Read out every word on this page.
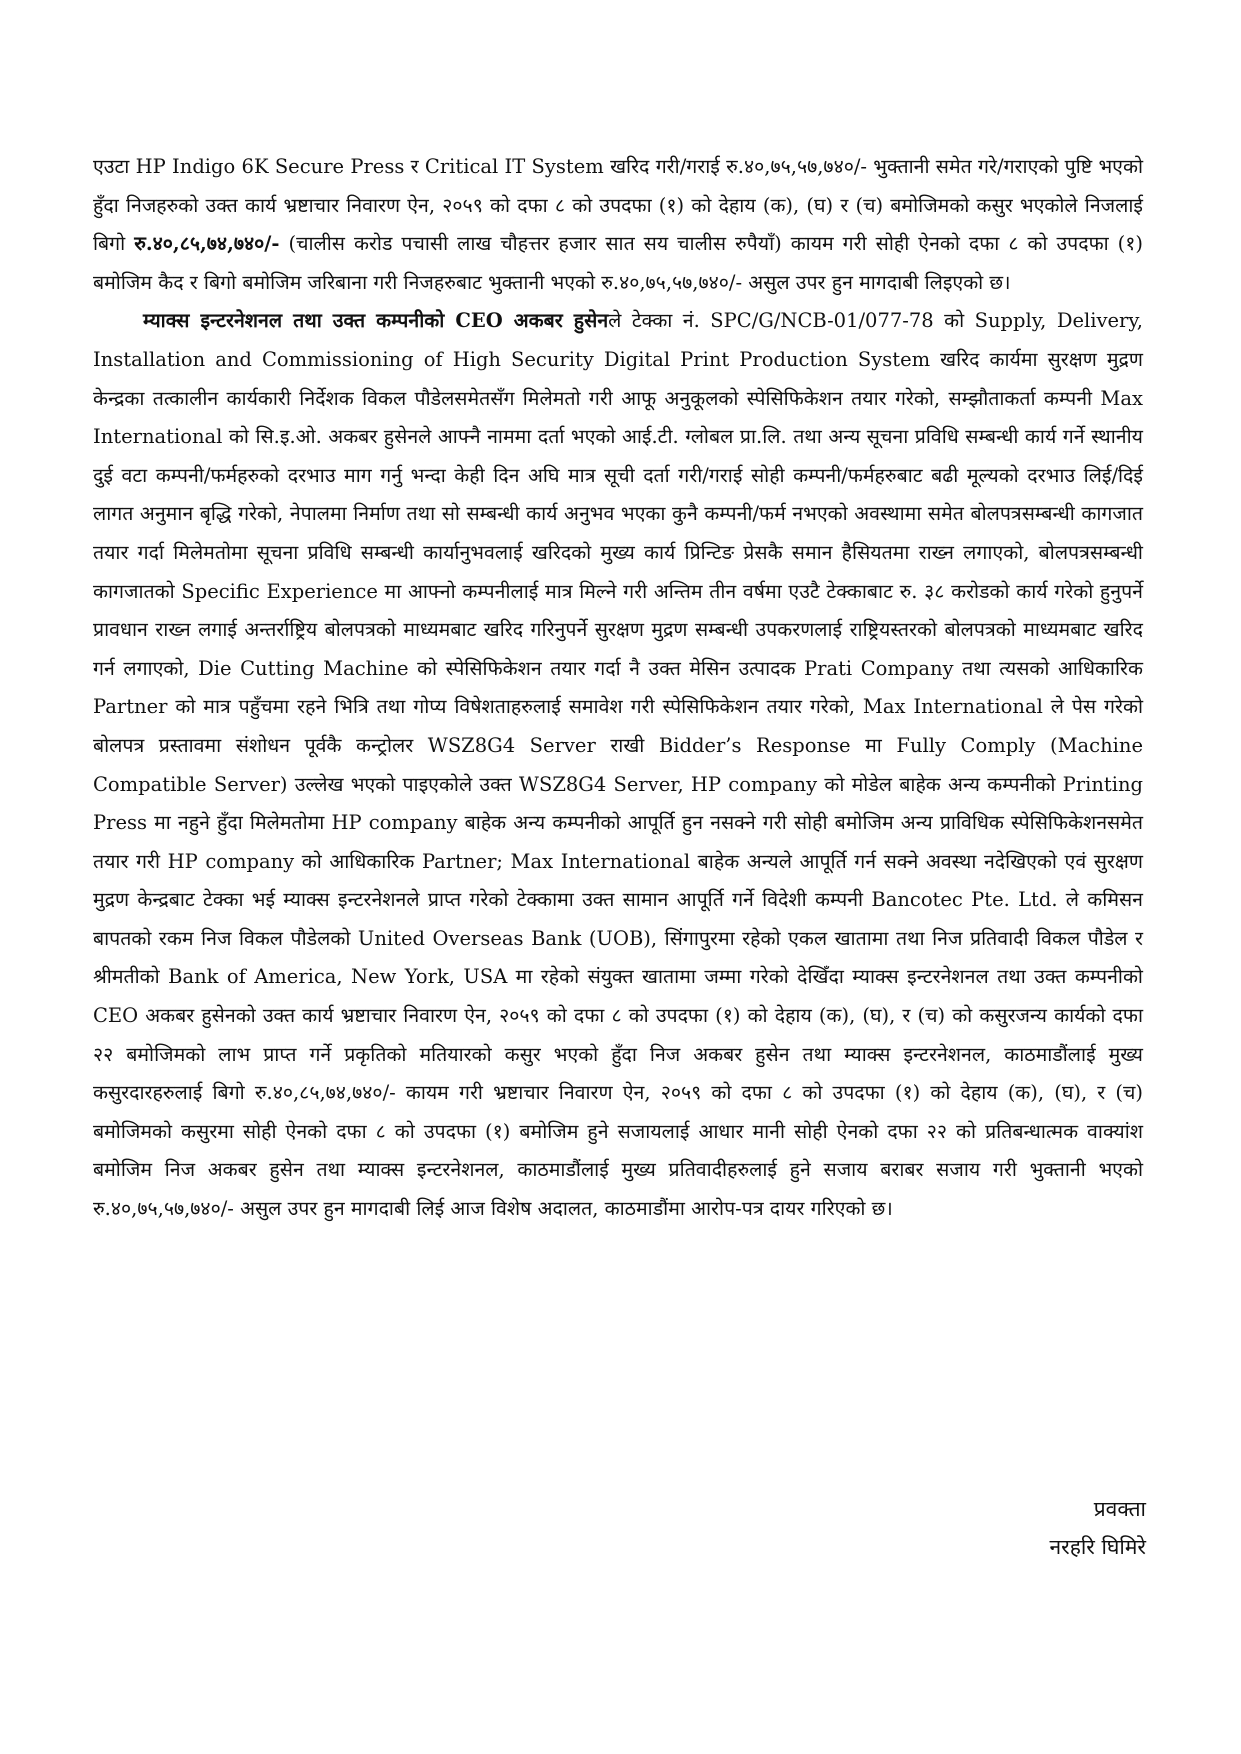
एउटा HP Indigo 6K Secure Press र Critical IT System खरिद गरी/गराई रु.४०,७५,५७,७४०/- भुक्तानी समेत गरे/गराएको पुष्टि भएको हुँदा निजहरुको उक्त कार्य भ्रष्टाचार निवारण ऐन, २०५९ को दफा ८ को उपदफा (१) को देहाय (क), (घ) र (च) बमोजिमको कसुर भएकोले निजलाई बिगो रु.४०,८५,७४,७४०/- (चालीस करोड पचासी लाख चौहत्तर हजार सात सय चालीस रुपैयाँ) कायम गरी सोही ऐनको दफा ८ को उपदफा (१) बमोजिम कैद र बिगो बमोजिम जरिबाना गरी निजहरुबाट भुक्तानी भएको रु.४०,७५,५७,७४०/- असुल उपर हुन मागदाबी लिइएको छ।

म्याक्स इन्टरनेशनल तथा उक्त कम्पनीको CEO अकबर हुसेनले टेक्का नं. SPC/G/NCB-01/077-78 को Supply, Delivery, Installation and Commissioning of High Security Digital Print Production System खरिद कार्यमा सुरक्षण मुद्रण केन्द्रका तत्कालीन कार्यकारी निर्देशक विकल पौडेलसमेतसँग मिलेमतो गरी आफू अनुकूलको स्पेसिफिकेशन तयार गरेको, सम्झौताकर्ता कम्पनी Max International को सि.इ.ओ. अकबर हुसेनले आफ्नै नाममा दर्ता भएको आई.टी. ग्लोबल प्रा.लि. तथा अन्य सूचना प्रविधि सम्बन्धी कार्य गर्ने स्थानीय दुई वटा कम्पनी/फर्महरुको दरभाउ माग गर्नु भन्दा केही दिन अघि मात्र सूची दर्ता गरी/गराई सोही कम्पनी/फर्महरुबाट बढी मूल्यको दरभाउ लिई/दिई लागत अनुमान बृद्धि गरेको, नेपालमा निर्माण तथा सो सम्बन्धी कार्य अनुभव भएका कुनै कम्पनी/फर्म नभएको अवस्थामा समेत बोलपत्रसम्बन्धी कागजात तयार गर्दा मिलेमतोमा सूचना प्रविधि सम्बन्धी कार्यानुभवलाई खरिदको मुख्य कार्य प्रिन्टिङ प्रेसकै समान हैसियतमा राख्न लगाएको, बोलपत्रसम्बन्धी कागजातको Specific Experience मा आफ्नो कम्पनीलाई मात्र मिल्ने गरी अन्तिम तीन वर्षमा एउटै टेक्काबाट रु. ३८ करोडको कार्य गरेको हुनुपर्ने प्रावधान राख्न लगाई अन्तर्राष्ट्रिय बोलपत्रको माध्यमबाट खरिद गरिनुपर्ने सुरक्षण मुद्रण सम्बन्धी उपकरणलाई राष्ट्रियस्तरको बोलपत्रको माध्यमबाट खरिद गर्न लगाएको, Die Cutting Machine को स्पेसिफिकेशन तयार गर्दा नै उक्त मेसिन उत्पादक Prati Company तथा त्यसको आधिकारिक Partner को मात्र पहुँचमा रहने भित्रि तथा गोप्य विषेशताहरुलाई समावेश गरी स्पेसिफिकेशन तयार गरेको, Max International ले पेस गरेको बोलपत्र प्रस्तावमा संशोधन पूर्वकै कन्ट्रोलर WSZ8G4 Server राखी Bidder’s Response मा Fully Comply (Machine Compatible Server) उल्लेख भएको पाइएकोले उक्त WSZ8G4 Server, HP company को मोडेल बाहेक अन्य कम्पनीको Printing Press मा नहुने हुँदा मिलेमतोमा HP company बाहेक अन्य कम्पनीको आपूर्ति हुन नसक्ने गरी सोही बमोजिम अन्य प्राविधिक स्पेसिफिकेशनसमेत तयार गरी HP company को आधिकारिक Partner; Max International बाहेक अन्यले आपूर्ति गर्न सक्ने अवस्था नदेखिएको एवं सुरक्षण मुद्रण केन्द्रबाट टेक्का भई म्याक्स इन्टरनेशनले प्राप्त गरेको टेक्कामा उक्त सामान आपूर्ति गर्ने विदेशी कम्पनी Bancotec Pte. Ltd. ले कमिसन बापतको रकम निज विकल पौडेलको United Overseas Bank (UOB), सिंगापुरमा रहेको एकल खातामा तथा निज प्रतिवादी विकल पौडेल र श्रीमतीको Bank of America, New York, USA मा रहेको संयुक्त खातामा जम्मा गरेको देखिँदा म्याक्स इन्टरनेशनल तथा उक्त कम्पनीको CEO अकबर हुसेनको उक्त कार्य भ्रष्टाचार निवारण ऐन, २०५९ को दफा ८ को उपदफा (१) को देहाय (क), (घ), र (च) को कसुरजन्य कार्यको दफा २२ बमोजिमको लाभ प्राप्त गर्ने प्रकृतिको मतियारको कसुर भएको हुँदा निज अकबर हुसेन तथा म्याक्स इन्टरनेशनल, काठमाडौंलाई मुख्य कसुरदारहरुलाई बिगो रु.४०,८५,७४,७४०/- कायम गरी भ्रष्टाचार निवारण ऐन, २०५९ को दफा ८ को उपदफा (१) को देहाय (क), (घ), र (च) बमोजिमको कसुरमा सोही ऐनको दफा ८ को उपदफा (१) बमोजिम हुने सजायलाई आधार मानी सोही ऐनको दफा २२ को प्रतिबन्धात्मक वाक्यांश बमोजिम निज अकबर हुसेन तथा म्याक्स इन्टरनेशनल, काठमाडौंलाई मुख्य प्रतिवादीहरुलाई हुने सजाय बराबर सजाय गरी भुक्तानी भएको रु.४०,७५,५७,७४०/- असुल उपर हुन मागदाबी लिई आज विशेष अदालत, काठमाडौंमा आरोप-पत्र दायर गरिएको छ।

प्रवक्ता
नरहरि घिमिरे
